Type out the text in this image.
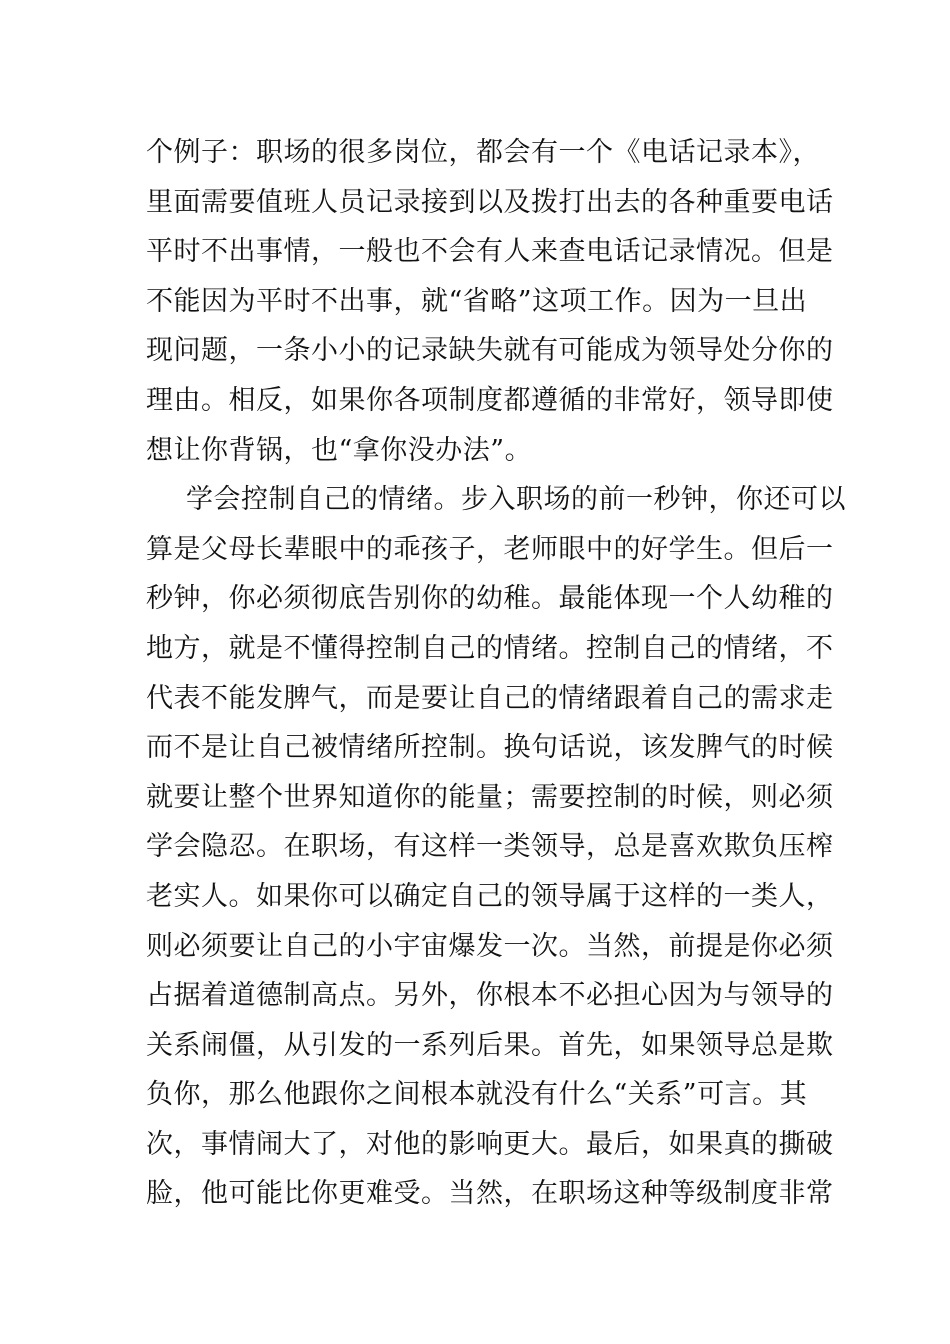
个例子：职场的很多岗位，都会有一个《电话记录本》，
里面需要值班人员记录接到以及拨打出去的各种重要电话
平时不出事情，一般也不会有人来查电话记录情况。但是
不能因为平时不出事，就“省略”这项工作。因为一旦出
现问题，一条小小的记录缺失就有可能成为领导处分你的
理由。相反，如果你各项制度都遵循的非常好，领导即使
想让你背锅，也“拿你没办法”。
学会控制自己的情绪。步入职场的前一秒钟，你还可以
算是父母长辈眼中的乖孩子，老师眼中的好学生。但后一
秒钟，你必须彻底告别你的幼稚。最能体现一个人幼稚的
地方，就是不懂得控制自己的情绪。控制自己的情绪，不
代表不能发脾气，而是要让自己的情绪跟着自己的需求走
而不是让自己被情绪所控制。换句话说，该发脾气的时候
就要让整个世界知道你的能量；需要控制的时候，则必须
学会隐忍。在职场，有这样一类领导，总是喜欢欺负压榨
老实人。如果你可以确定自己的领导属于这样的一类人，
则必须要让自己的小宇宙爆发一次。当然，前提是你必须
占据着道德制高点。另外，你根本不必担心因为与领导的
关系闹僵，从引发的一系列后果。首先，如果领导总是欺
负你，那么他跟你之间根本就没有什么“关系”可言。其
次，事情闹大了，对他的影响更大。最后，如果真的撕破
脸，他可能比你更难受。当然，在职场这种等级制度非常
